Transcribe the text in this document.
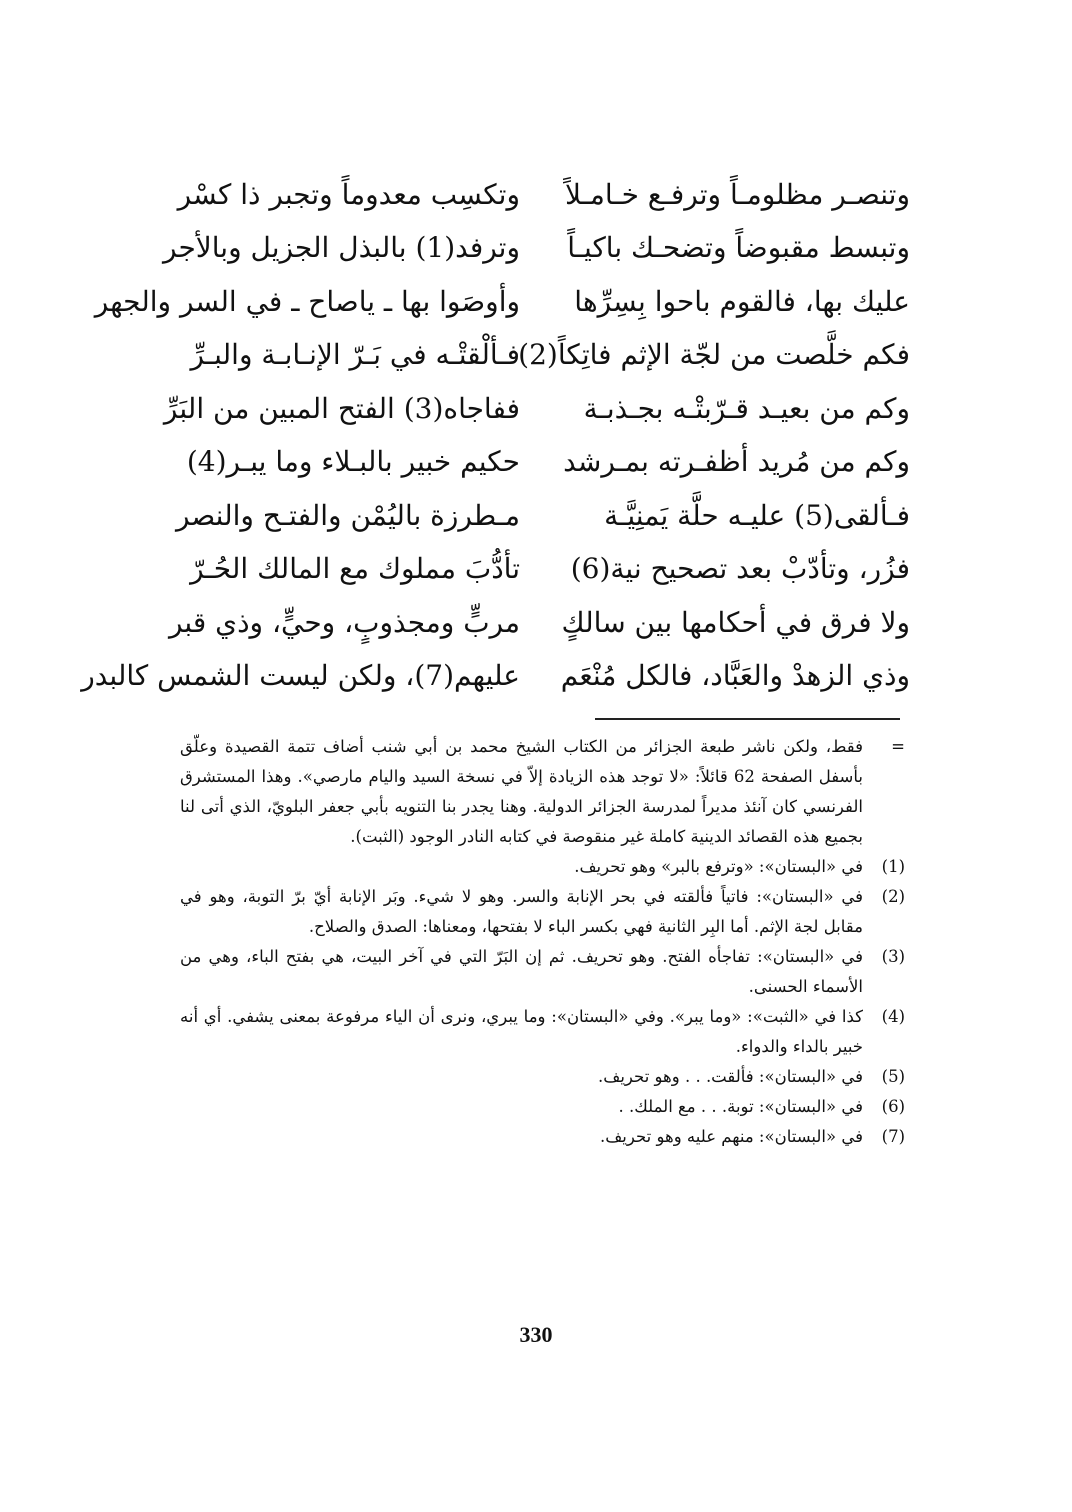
وتنصـر مظلومـاً وترفـع خـامـلاً
وتكسِب معدوماً وتجبر ذا كسْر
وتبسط مقبوضاً وتضحـك باكيـاً
وترفد(1) بالبذل الجزيل وبالأجر
عليك بها، فالقوم باحوا بِسِرِّها
وأوصَوا بها ـ ياصاح ـ في السر والجهر
فكم خلَّصت من لجّة الإثم فاتِكاً(2)
فـألْقتْـه في بَـرّ الإنـابـة والبـرِّ
وكم من بعيـد قـرّبتْـه بجـذبـة
ففاجاه(3) الفتح المبين من البَرِّ
وكم من مُريد أظفـرته بمـرشد
حكيم خبير بالبـلاء وما يبـر(4)
فـألقى(5) عليـه حلَّة يَمنِيَّـة
مـطرزة باليُمْن والفتـح والنصر
فزُر، وتأدّبْ بعد تصحيح نية(6)
تأدُّبَ مملوك مع المالك الحُـرّ
ولا فرق في أحكامها بين سالكٍ
مربٍّ ومجذوبٍ، وحيٍّ، وذي قبر
وذي الزهدْ والعَبَّاد، فالكل مُنْعَم
عليهم(7)، ولكن ليست الشمس كالبدر
=
فقط، ولكن ناشر طبعة الجزائر من الكتاب الشيخ محمد بن أبي شنب أضاف تتمة القصيدة وعلّق بأسفل الصفحة 62 قائلاً: «لا توجد هذه الزيادة إلاّ في نسخة السيد واليام مارصي». وهذا المستشرق الفرنسي كان آنئذ مديراً لمدرسة الجزائر الدولية. وهنا يجدر بنا التنويه بأبي جعفر البلويّ، الذي أتى لنا بجميع هذه القصائد الدينية كاملة غير منقوصة في كتابه النادر الوجود (الثبت).
(1)
في «البستان»: «وترفع بالبر» وهو تحريف.
(2)
في «البستان»: فاتياً فألقته في بحر الإنابة والسر. وهو لا شيء. وبَر الإنابة أيّ برّ التوبة، وهو في مقابل لجة الإثم. أما البِر الثانية فهي بكسر الباء لا بفتحها، ومعناها: الصدق والصلاح.
(3)
في «البستان»: تفاجأه الفتح. وهو تحريف. ثم إن البَرّ التي في آخر البيت، هي بفتح الباء، وهي من الأسماء الحسنى.
(4)
كذا في «الثبت»: «وما يبر». وفي «البستان»: وما يبري، ونرى أن الياء مرفوعة بمعنى يشفي. أي أنه خبير بالداء والدواء.
(5)
في «البستان»: فألقت. . . وهو تحريف.
(6)
في «البستان»: توبة. . . مع الملك. .
(7)
في «البستان»: منهم عليه وهو تحريف.
330
